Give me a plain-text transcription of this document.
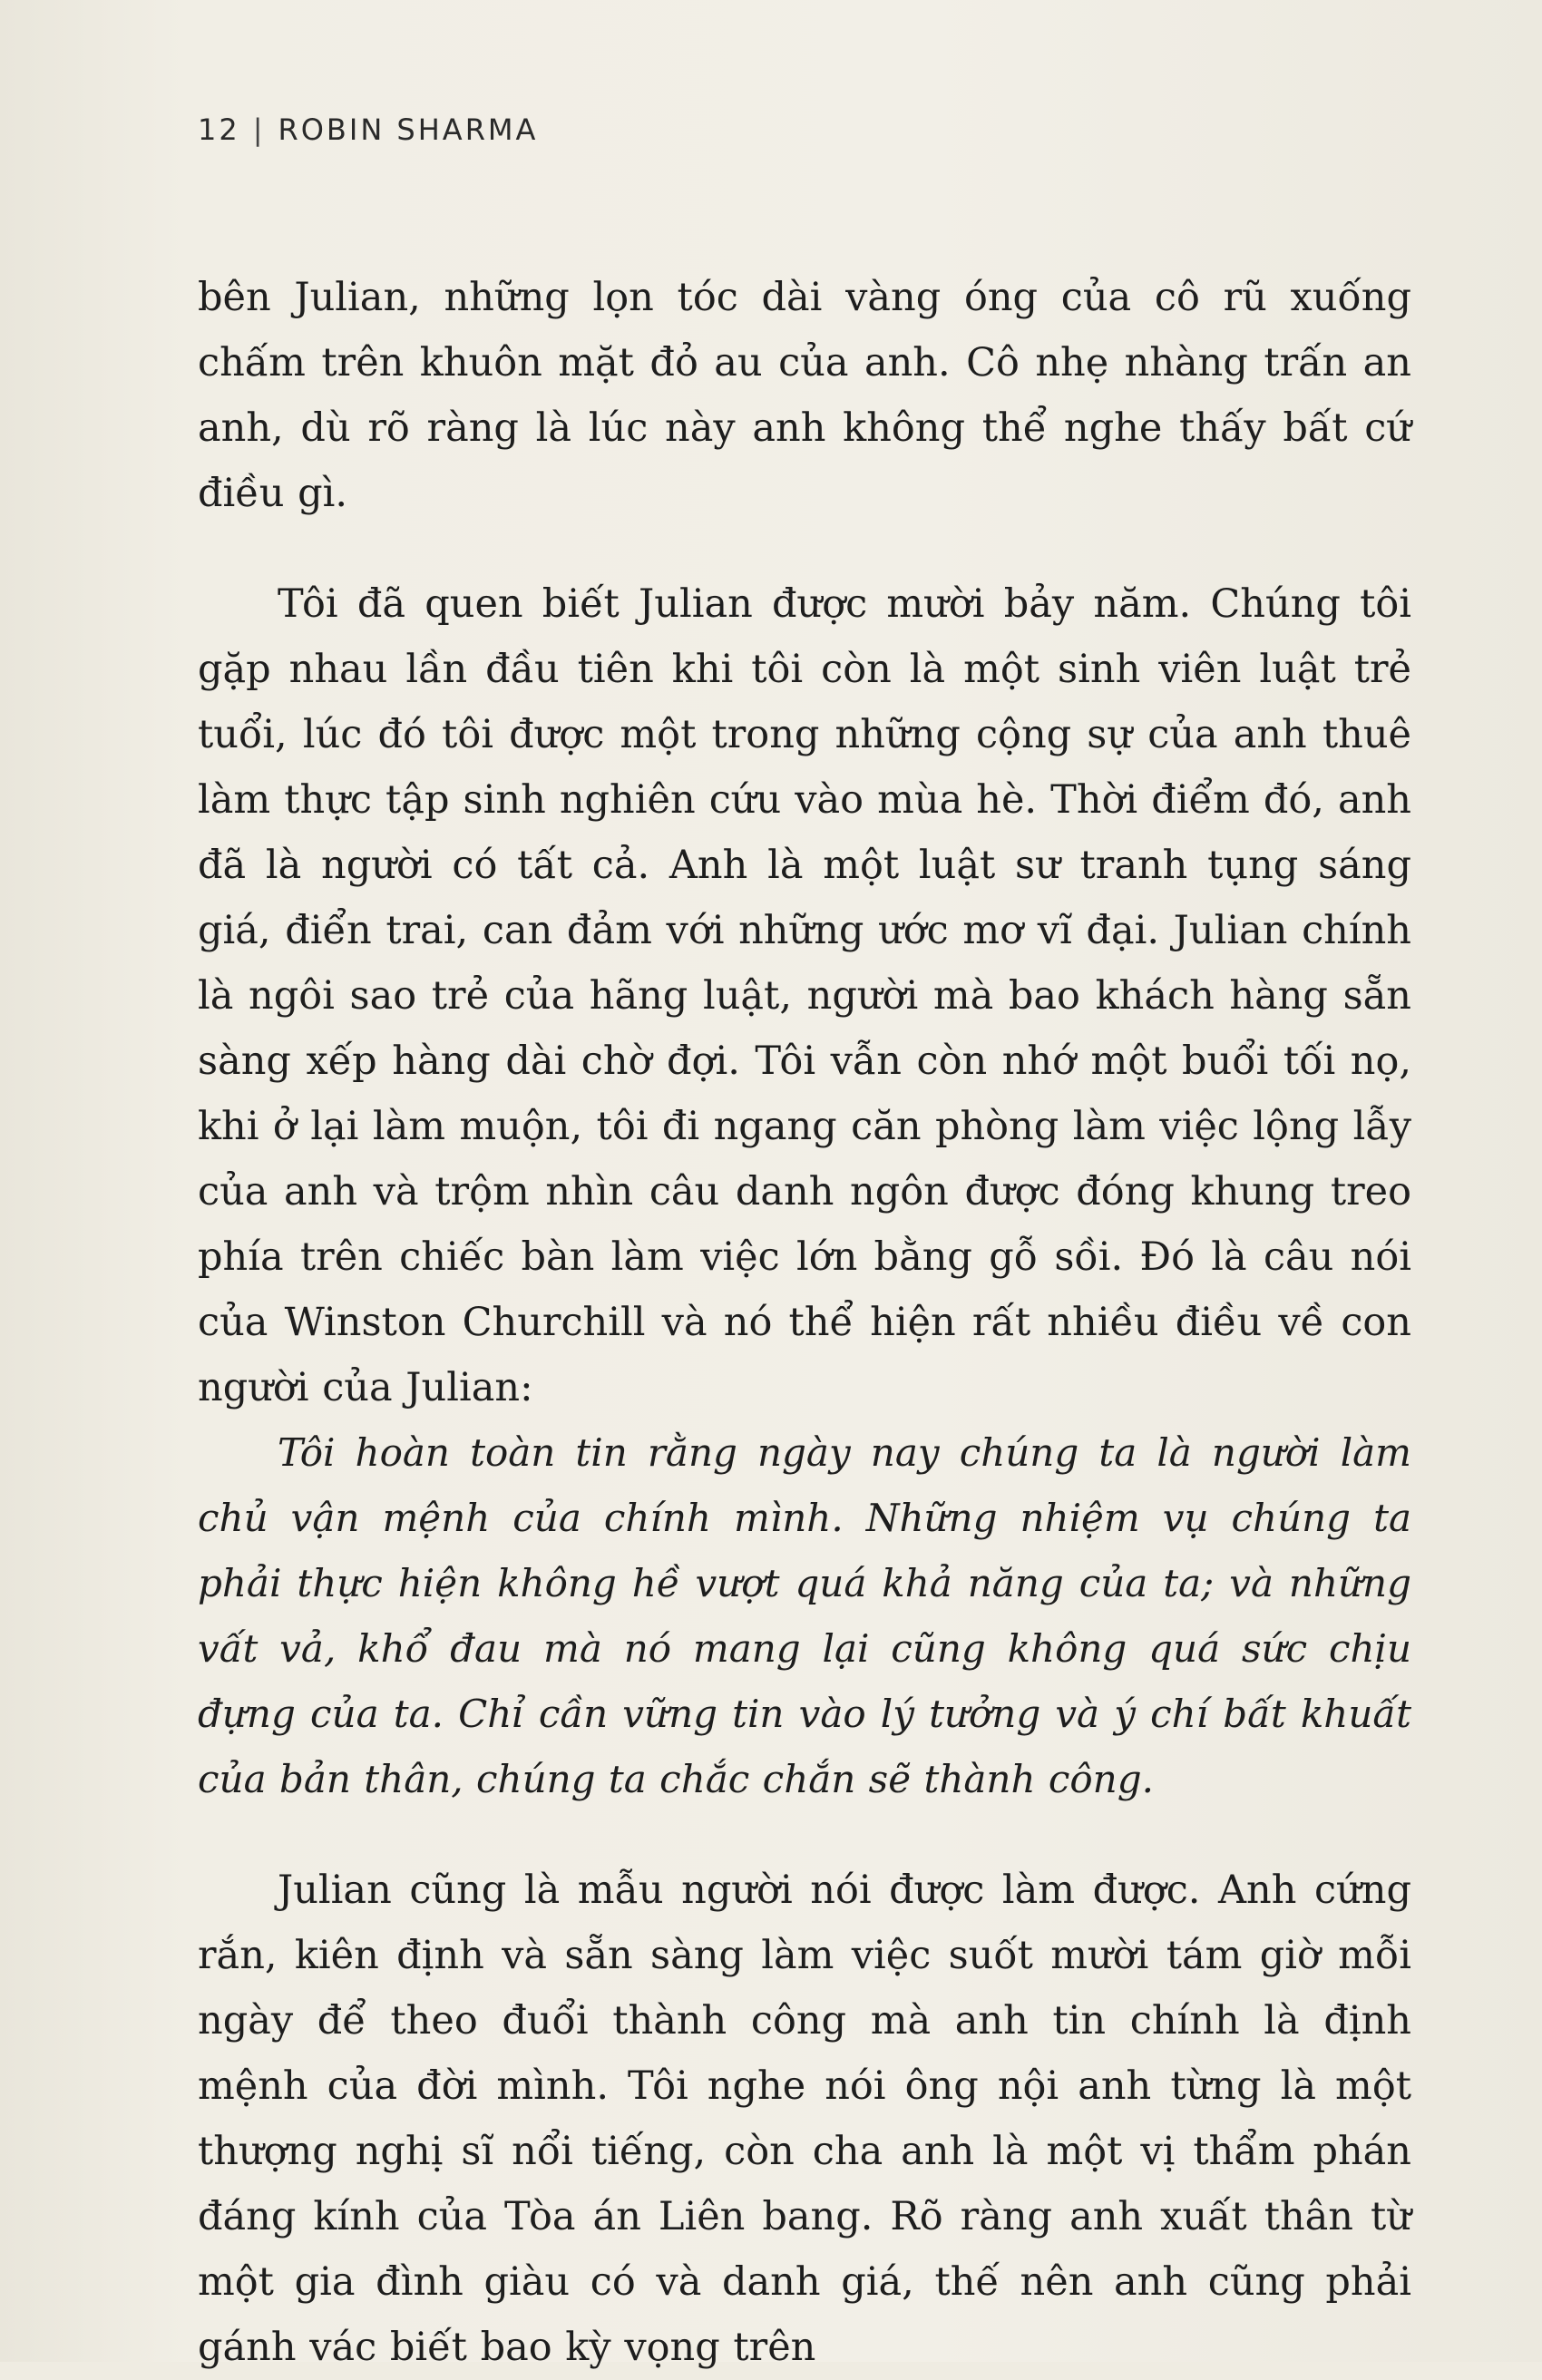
12 | ROBIN SHARMA

bên Julian, những lọn tóc dài vàng óng của cô rũ xuống chấm trên khuôn mặt đỏ au của anh. Cô nhẹ nhàng trấn an anh, dù rõ ràng là lúc này anh không thể nghe thấy bất cứ điều gì.

Tôi đã quen biết Julian được mười bảy năm. Chúng tôi gặp nhau lần đầu tiên khi tôi còn là một sinh viên luật trẻ tuổi, lúc đó tôi được một trong những cộng sự của anh thuê làm thực tập sinh nghiên cứu vào mùa hè. Thời điểm đó, anh đã là người có tất cả. Anh là một luật sư tranh tụng sáng giá, điển trai, can đảm với những ước mơ vĩ đại. Julian chính là ngôi sao trẻ của hãng luật, người mà bao khách hàng sẵn sàng xếp hàng dài chờ đợi. Tôi vẫn còn nhớ một buổi tối nọ, khi ở lại làm muộn, tôi đi ngang căn phòng làm việc lộng lẫy của anh và trộm nhìn câu danh ngôn được đóng khung treo phía trên chiếc bàn làm việc lớn bằng gỗ sồi. Đó là câu nói của Winston Churchill và nó thể hiện rất nhiều điều về con người của Julian:

Tôi hoàn toàn tin rằng ngày nay chúng ta là người làm chủ vận mệnh của chính mình. Những nhiệm vụ chúng ta phải thực hiện không hề vượt quá khả năng của ta; và những vất vả, khổ đau mà nó mang lại cũng không quá sức chịu đựng của ta. Chỉ cần vững tin vào lý tưởng và ý chí bất khuất của bản thân, chúng ta chắc chắn sẽ thành công.

Julian cũng là mẫu người nói được làm được. Anh cứng rắn, kiên định và sẵn sàng làm việc suốt mười tám giờ mỗi ngày để theo đuổi thành công mà anh tin chính là định mệnh của đời mình. Tôi nghe nói ông nội anh từng là một thượng nghị sĩ nổi tiếng, còn cha anh là một vị thẩm phán đáng kính của Tòa án Liên bang. Rõ ràng anh xuất thân từ một gia đình giàu có và danh giá, thế nên anh cũng phải gánh vác biết bao kỳ vọng trên
